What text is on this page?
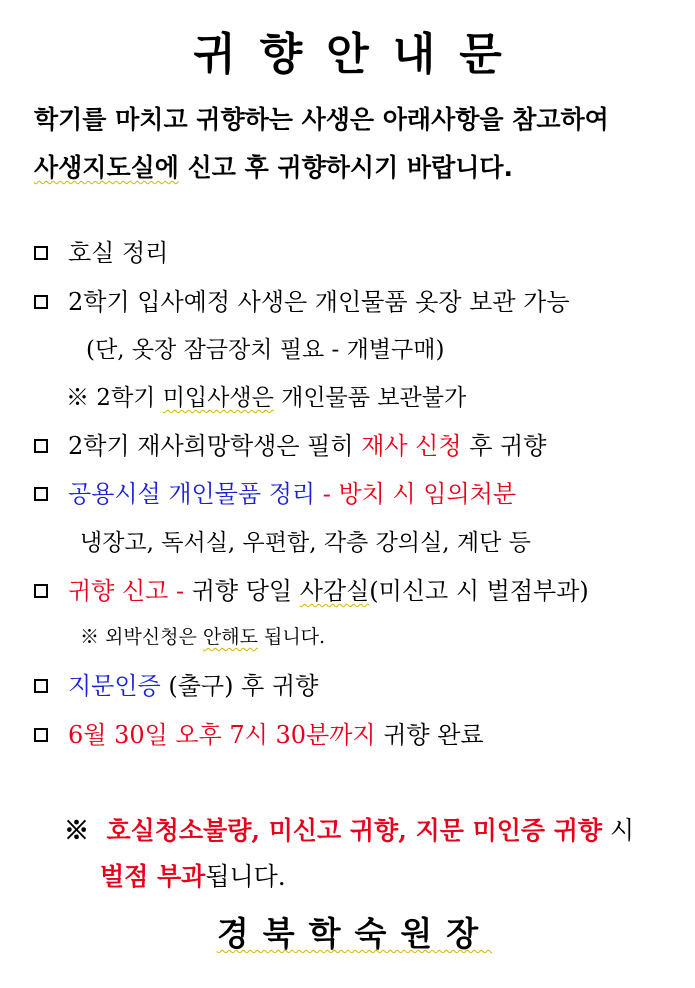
귀향안내문
학기를 마치고 귀향하는 사생은 아래사항을 참고하여
사생지도실에 신고 후 귀향하시기 바랍니다.
호실 정리
2학기 입사예정 사생은 개인물품 옷장 보관 가능
(단, 옷장 잠금장치 필요 - 개별구매)
※ 2학기 미입사생은 개인물품 보관불가
2학기 재사희망학생은 필히 재사 신청 후 귀향
공용시설 개인물품 정리 - 방치 시 임의처분
냉장고, 독서실, 우편함, 각층 강의실, 계단 등
귀향 신고 - 귀향 당일 사감실(미신고 시 벌점부과)
※ 외박신청은 안해도 됩니다.
지문인증 (출구) 후 귀향
6월 30일 오후 7시 30분까지 귀향 완료
※ 호실청소불량, 미신고 귀향, 지문 미인증 귀향 시
벌점 부과됩니다.
경북학숙원장
